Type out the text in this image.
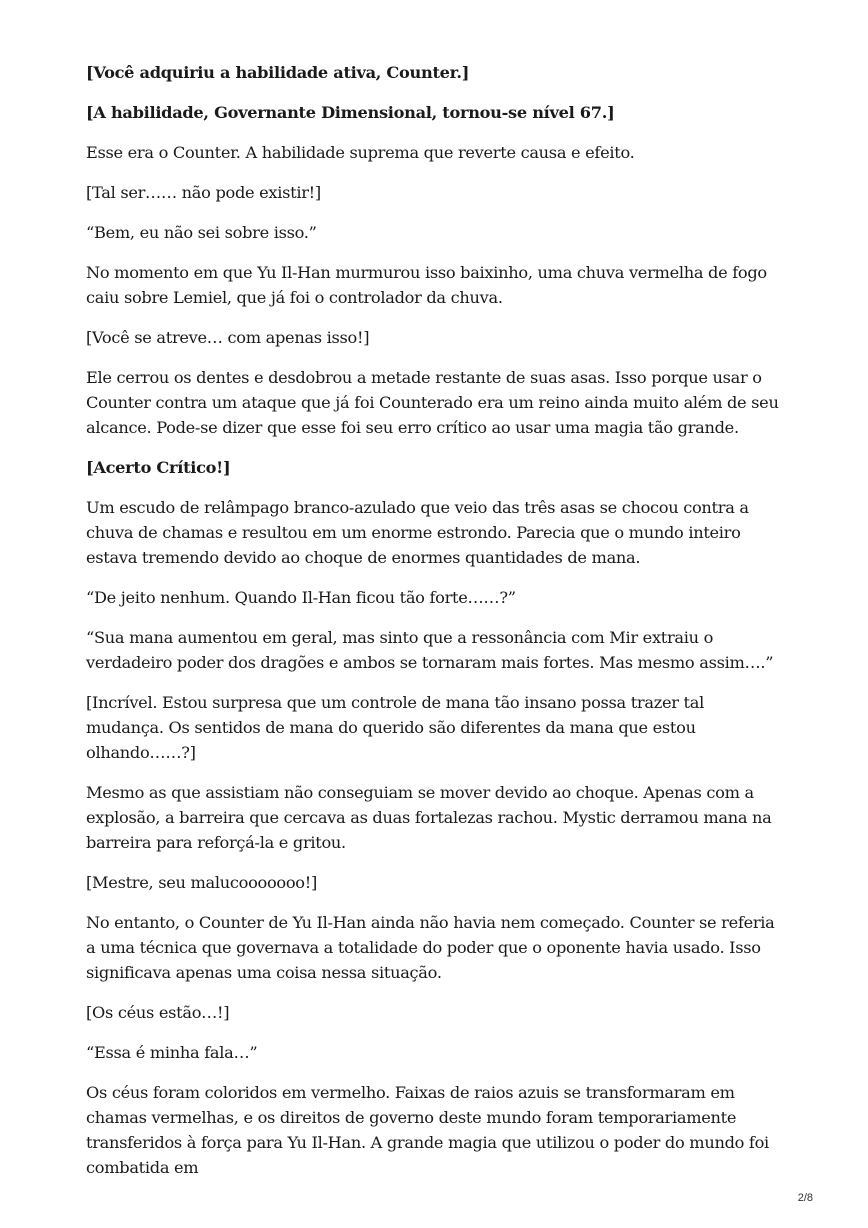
[Você adquiriu a habilidade ativa, Counter.]

[A habilidade, Governante Dimensional, tornou-se nível 67.]

Esse era o Counter. A habilidade suprema que reverte causa e efeito.

[Tal ser…… não pode existir!]

“Bem, eu não sei sobre isso.”

No momento em que Yu Il-Han murmurou isso baixinho, uma chuva vermelha de fogo caiu sobre Lemiel, que já foi o controlador da chuva.

[Você se atreve… com apenas isso!]

Ele cerrou os dentes e desdobrou a metade restante de suas asas. Isso porque usar o Counter contra um ataque que já foi Counterado era um reino ainda muito além de seu alcance. Pode-se dizer que esse foi seu erro crítico ao usar uma magia tão grande.

[Acerto Crítico!]

Um escudo de relâmpago branco-azulado que veio das três asas se chocou contra a chuva de chamas e resultou em um enorme estrondo. Parecia que o mundo inteiro estava tremendo devido ao choque de enormes quantidades de mana.

“De jeito nenhum. Quando Il-Han ficou tão forte……?”

“Sua mana aumentou em geral, mas sinto que a ressonância com Mir extraiu o verdadeiro poder dos dragões e ambos se tornaram mais fortes. Mas mesmo assim….”

[Incrível. Estou surpresa que um controle de mana tão insano possa trazer tal mudança. Os sentidos de mana do querido são diferentes da mana que estou olhando……?]

Mesmo as que assistiam não conseguiam se mover devido ao choque. Apenas com a explosão, a barreira que cercava as duas fortalezas rachou. Mystic derramou mana na barreira para reforçá-la e gritou.

[Mestre, seu malucooooooo!]

No entanto, o Counter de Yu Il-Han ainda não havia nem começado. Counter se referia a uma técnica que governava a totalidade do poder que o oponente havia usado. Isso significava apenas uma coisa nessa situação.

[Os céus estão…!]

“Essa é minha fala…”

Os céus foram coloridos em vermelho. Faixas de raios azuis se transformaram em chamas vermelhas, e os direitos de governo deste mundo foram temporariamente transferidos à força para Yu Il-Han. A grande magia que utilizou o poder do mundo foi combatida em

2/8
